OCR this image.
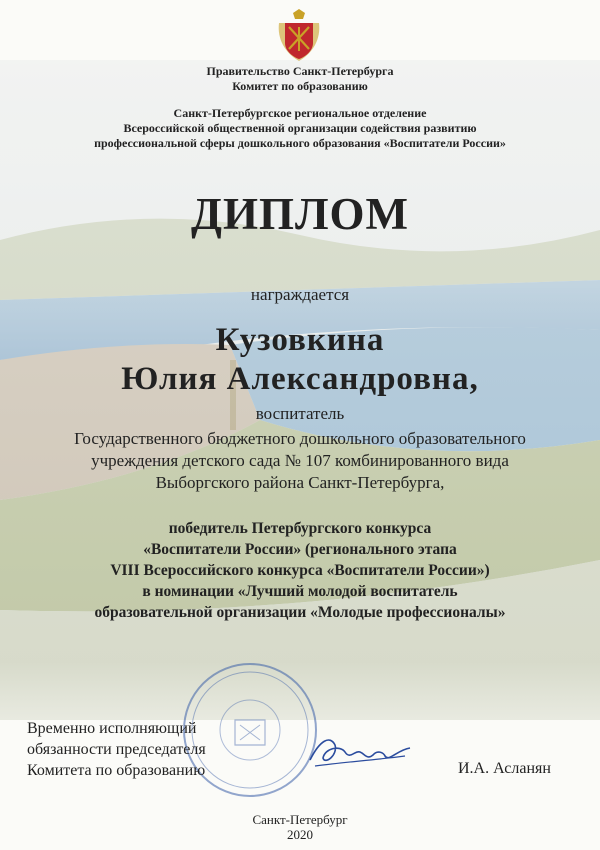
Правительство Санкт-Петербурга
Комитет по образованию
Санкт-Петербургское региональное отделение
Всероссийской общественной организации содействия развитию
профессиональной сферы дошкольного образования «Воспитатели России»
ДИПЛОМ
награждается
Кузовкина
Юлия Александровна,
воспитатель
Государственного бюджетного дошкольного образовательного
учреждения детского сада № 107 комбинированного вида
Выборгского района Санкт-Петербурга,
победитель Петербургского конкурса
«Воспитатели России» (регионального этапа
VIII Всероссийского конкурса «Воспитатели России»)
в номинации «Лучший молодой воспитатель
образовательной организации «Молодые профессионалы»
Временно исполняющий
обязанности председателя
Комитета по образованию	И.А. Асланян
Санкт-Петербург
2020
